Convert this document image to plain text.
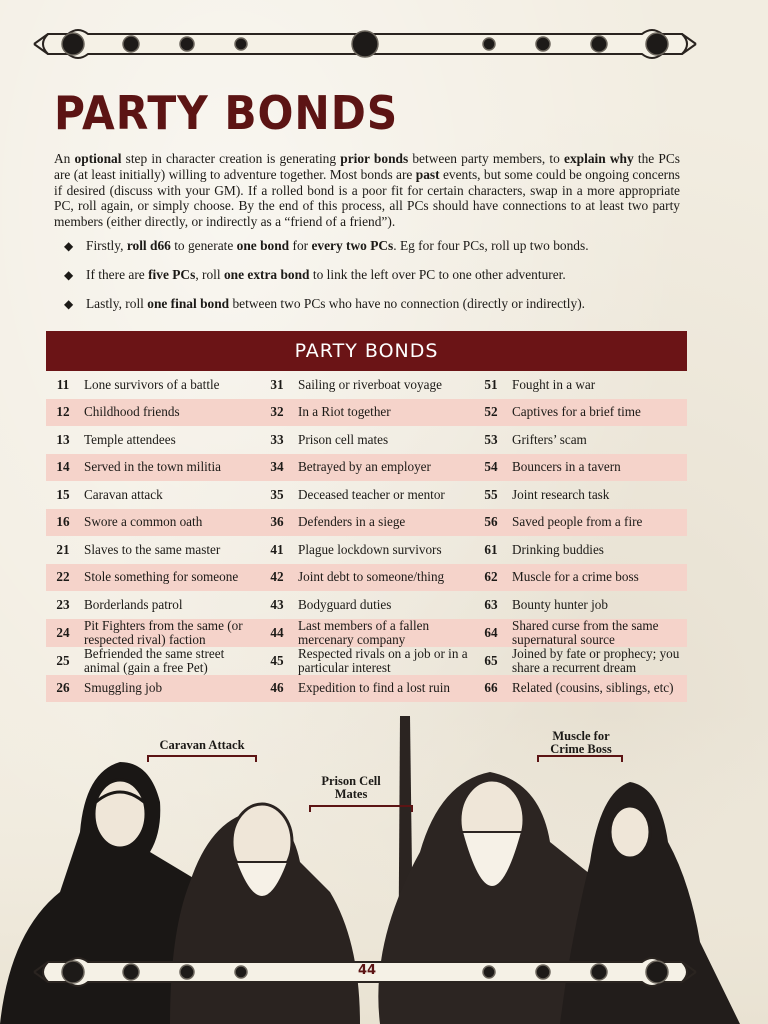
PARTY BONDS

An optional step in character creation is generating prior bonds between party members, to explain why the PCs are (at least initially) willing to adventure together. Most bonds are past events, but some could be ongoing concerns if desired (discuss with your GM). If a rolled bond is a poor fit for certain characters, swap in a more appropriate PC, roll again, or simply choose. By the end of this process, all PCs should have connections to at least two party members (either directly, or indirectly as a “friend of a friend”).

◆ Firstly, roll d66 to generate one bond for every two PCs. Eg for four PCs, roll up two bonds.
◆ If there are five PCs, roll one extra bond to link the left over PC to one other adventurer.
◆ Lastly, roll one final bond between two PCs who have no connection (directly or indirectly).
PARTY BONDS
11	Lone survivors of a battle	31	Sailing or riverboat voyage	51	Fought in a war
12	Childhood friends	32	In a Riot together	52	Captives for a brief time
13	Temple attendees	33	Prison cell mates	53	Grifters’ scam
14	Served in the town militia	34	Betrayed by an employer	54	Bouncers in a tavern
15	Caravan attack	35	Deceased teacher or mentor	55	Joint research task
16	Swore a common oath	36	Defenders in a siege	56	Saved people from a fire
21	Slaves to the same master	41	Plague lockdown survivors	61	Drinking buddies
22	Stole something for someone	42	Joint debt to someone/thing	62	Muscle for a crime boss
23	Borderlands patrol	43	Bodyguard duties	63	Bounty hunter job
24	Pit Fighters from the same (or respected rival) faction	44	Last members of a fallen mercenary company	64	Shared curse from the same supernatural source
25	Befriended the same street animal (gain a free Pet)	45	Respected rivals on a job or in a particular interest	65	Joined by fate or prophecy; you share a recurrent dream
26	Smuggling job	46	Expedition to find a lost ruin	66	Related (cousins, siblings, etc)
Caravan Attack
Prison Cell Mates
Muscle for Crime Boss
44
